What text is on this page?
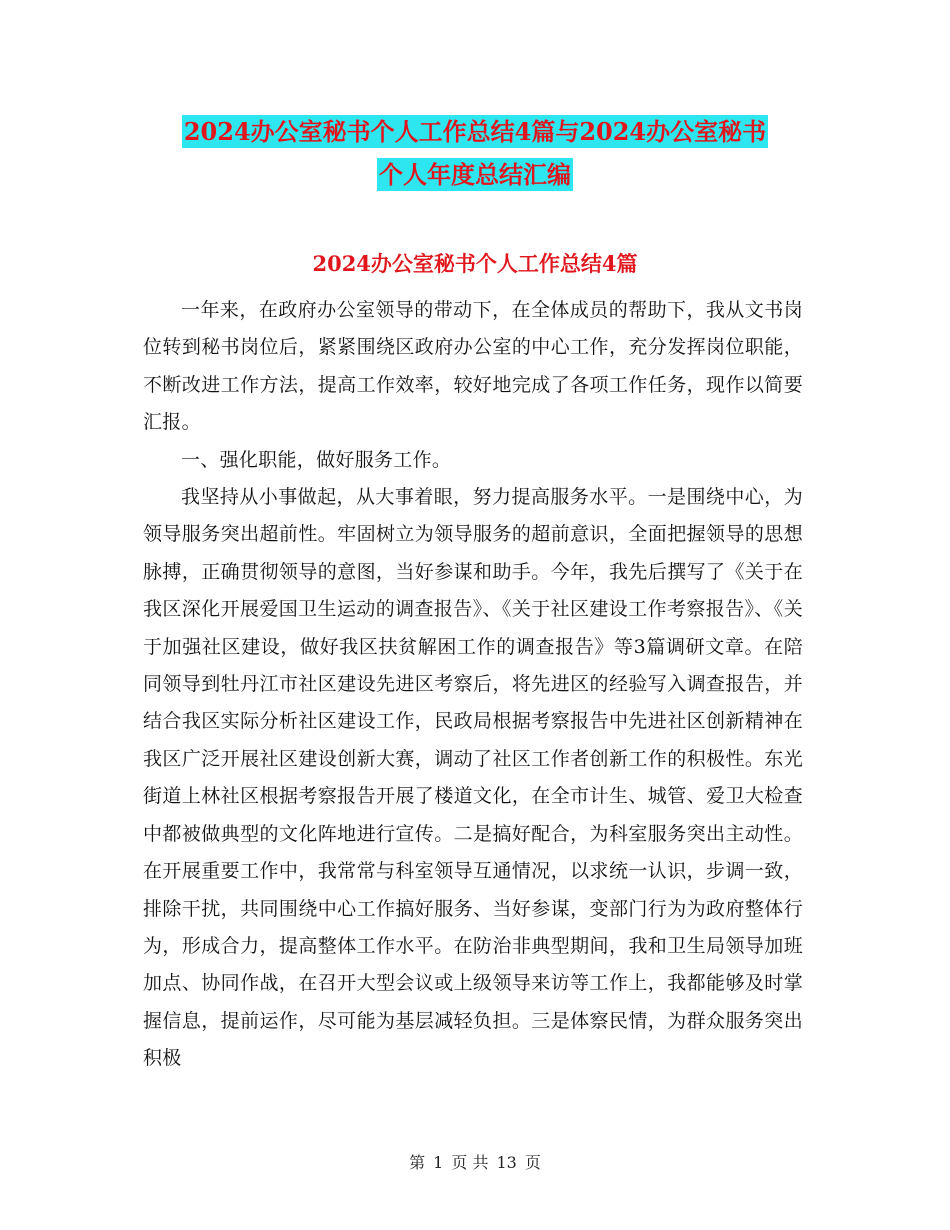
2024办公室秘书个人工作总结4篇与2024办公室秘书
个人年度总结汇编
2024办公室秘书个人工作总结4篇

一年来，在政府办公室领导的带动下，在全体成员的帮助下，我从文书岗位转到秘书岗位后，紧紧围绕区政府办公室的中心工作，充分发挥岗位职能，不断改进工作方法，提高工作效率，较好地完成了各项工作任务，现作以简要汇报。

一、强化职能，做好服务工作。

我坚持从小事做起，从大事着眼，努力提高服务水平。一是围绕中心，为领导服务突出超前性。牢固树立为领导服务的超前意识，全面把握领导的思想脉搏，正确贯彻领导的意图，当好参谋和助手。今年，我先后撰写了《关于在我区深化开展爱国卫生运动的调查报告》、《关于社区建设工作考察报告》、《关于加强社区建设，做好我区扶贫解困工作的调查报告》等3篇调研文章。在陪同领导到牡丹江市社区建设先进区考察后，将先进区的经验写入调查报告，并结合我区实际分析社区建设工作，民政局根据考察报告中先进社区创新精神在我区广泛开展社区建设创新大赛，调动了社区工作者创新工作的积极性。东光街道上林社区根据考察报告开展了楼道文化，在全市计生、城管、爱卫大检查中都被做典型的文化阵地进行宣传。二是搞好配合，为科室服务突出主动性。在开展重要工作中，我常常与科室领导互通情况，以求统一认识，步调一致，排除干扰，共同围绕中心工作搞好服务、当好参谋，变部门行为为政府整体行为，形成合力，提高整体工作水平。在防治非典型期间，我和卫生局领导加班加点、协同作战，在召开大型会议或上级领导来访等工作上，我都能够及时掌握信息，提前运作，尽可能为基层减轻负担。三是体察民情，为群众服务突出积极

第 1 页 共 13 页
